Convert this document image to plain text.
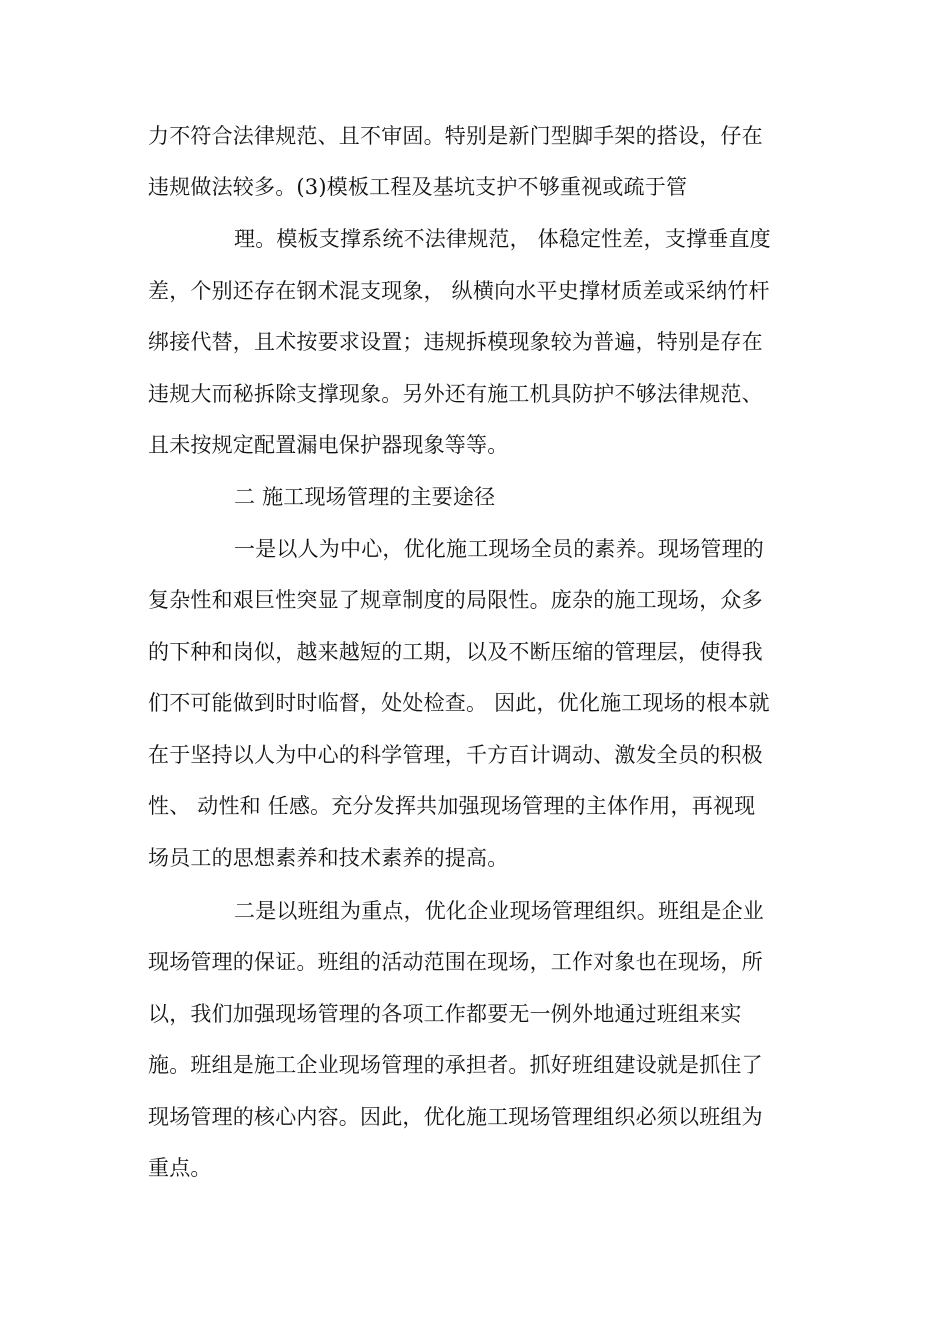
力不符合法律规范、且不审固。特别是新门型脚手架的搭设，仔在
违规做法较多。(3)模板工程及基坑支护不够重视或疏于管
理。模板支撑系统不法律规范， 体稳定性差，支撑垂直度
差，个别还存在钢术混支现象， 纵横向水平史撑材质差或采纳竹杆
绑接代替，且术按要求设置；违规拆模现象较为普遍，特别是存在
违规大而秘拆除支撑现象。另外还有施工机具防护不够法律规范、
且未按规定配置漏电保护器现象等等。
二 施工现场管理的主要途径
一是以人为中心，优化施工现场全员的素养。现场管理的
复杂性和艰巨性突显了规章制度的局限性。庞杂的施工现场，众多
的下种和岗似，越来越短的工期，以及不断压缩的管理层，使得我
们不可能做到时时临督，处处检查。 因此，优化施工现场的根本就
在于坚持以人为中心的科学管理，千方百计调动、激发全员的积极
性、 动性和 任感。充分发挥共加强现场管理的主体作用，再视现
场员工的思想素养和技术素养的提高。
二是以班组为重点，优化企业现场管理组织。班组是企业
现场管理的保证。班组的活动范围在现场，工作对象也在现场，所
以，我们加强现场管理的各项工作都要无一例外地通过班组来实
施。班组是施工企业现场管理的承担者。抓好班组建设就是抓住了
现场管理的核心内容。因此，优化施工现场管理组织必须以班组为
重点。
